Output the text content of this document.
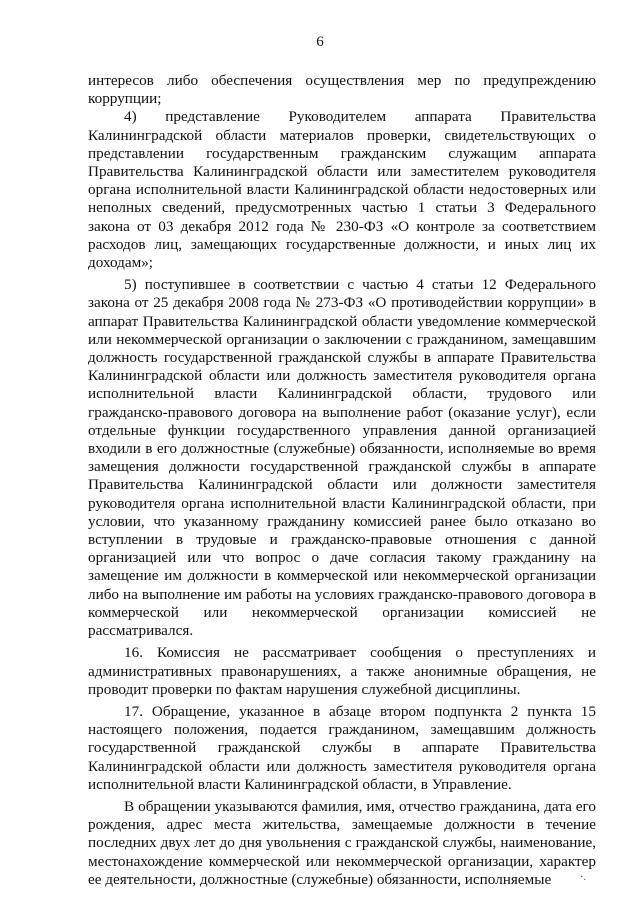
6

интересов либо обеспечения осуществления мер по предупреждению коррупции;

4) представление Руководителем аппарата Правительства Калининградской области материалов проверки, свидетельствующих о представлении государственным гражданским служащим аппарата Правительства Калининградской области или заместителем руководителя органа исполнительной власти Калининградской области недостоверных или неполных сведений, предусмотренных частью 1 статьи 3 Федерального закона от 03 декабря 2012 года № 230-ФЗ «О контроле за соответствием расходов лиц, замещающих государственные должности, и иных лиц их доходам»;

5) поступившее в соответствии с частью 4 статьи 12 Федерального закона от 25 декабря 2008 года № 273-ФЗ «О противодействии коррупции» в аппарат Правительства Калининградской области уведомление коммерческой или некоммерческой организации о заключении с гражданином, замещавшим должность государственной гражданской службы в аппарате Правительства Калининградской области или должность заместителя руководителя органа исполнительной власти Калининградской области, трудового или гражданско-правового договора на выполнение работ (оказание услуг), если отдельные функции государственного управления данной организацией входили в его должностные (служебные) обязанности, исполняемые во время замещения должности государственной гражданской службы в аппарате Правительства Калининградской области или должности заместителя руководителя органа исполнительной власти Калининградской области, при условии, что указанному гражданину комиссией ранее было отказано во вступлении в трудовые и гражданско-правовые отношения с данной организацией или что вопрос о даче согласия такому гражданину на замещение им должности в коммерческой или некоммерческой организации либо на выполнение им работы на условиях гражданско-правового договора в коммерческой или некоммерческой организации комиссией не рассматривался.

16. Комиссия не рассматривает сообщения о преступлениях и административных правонарушениях, а также анонимные обращения, не проводит проверки по фактам нарушения служебной дисциплины.

17. Обращение, указанное в абзаце втором подпункта 2 пункта 15 настоящего положения, подается гражданином, замещавшим должность государственной гражданской службы в аппарате Правительства Калининградской области или должность заместителя руководителя органа исполнительной власти Калининградской области, в Управление.

В обращении указываются фамилия, имя, отчество гражданина, дата его рождения, адрес места жительства, замещаемые должности в течение последних двух лет до дня увольнения с гражданской службы, наименование, местонахождение коммерческой или некоммерческой организации, характер ее деятельности, должностные (служебные) обязанности, исполняемые	·.
